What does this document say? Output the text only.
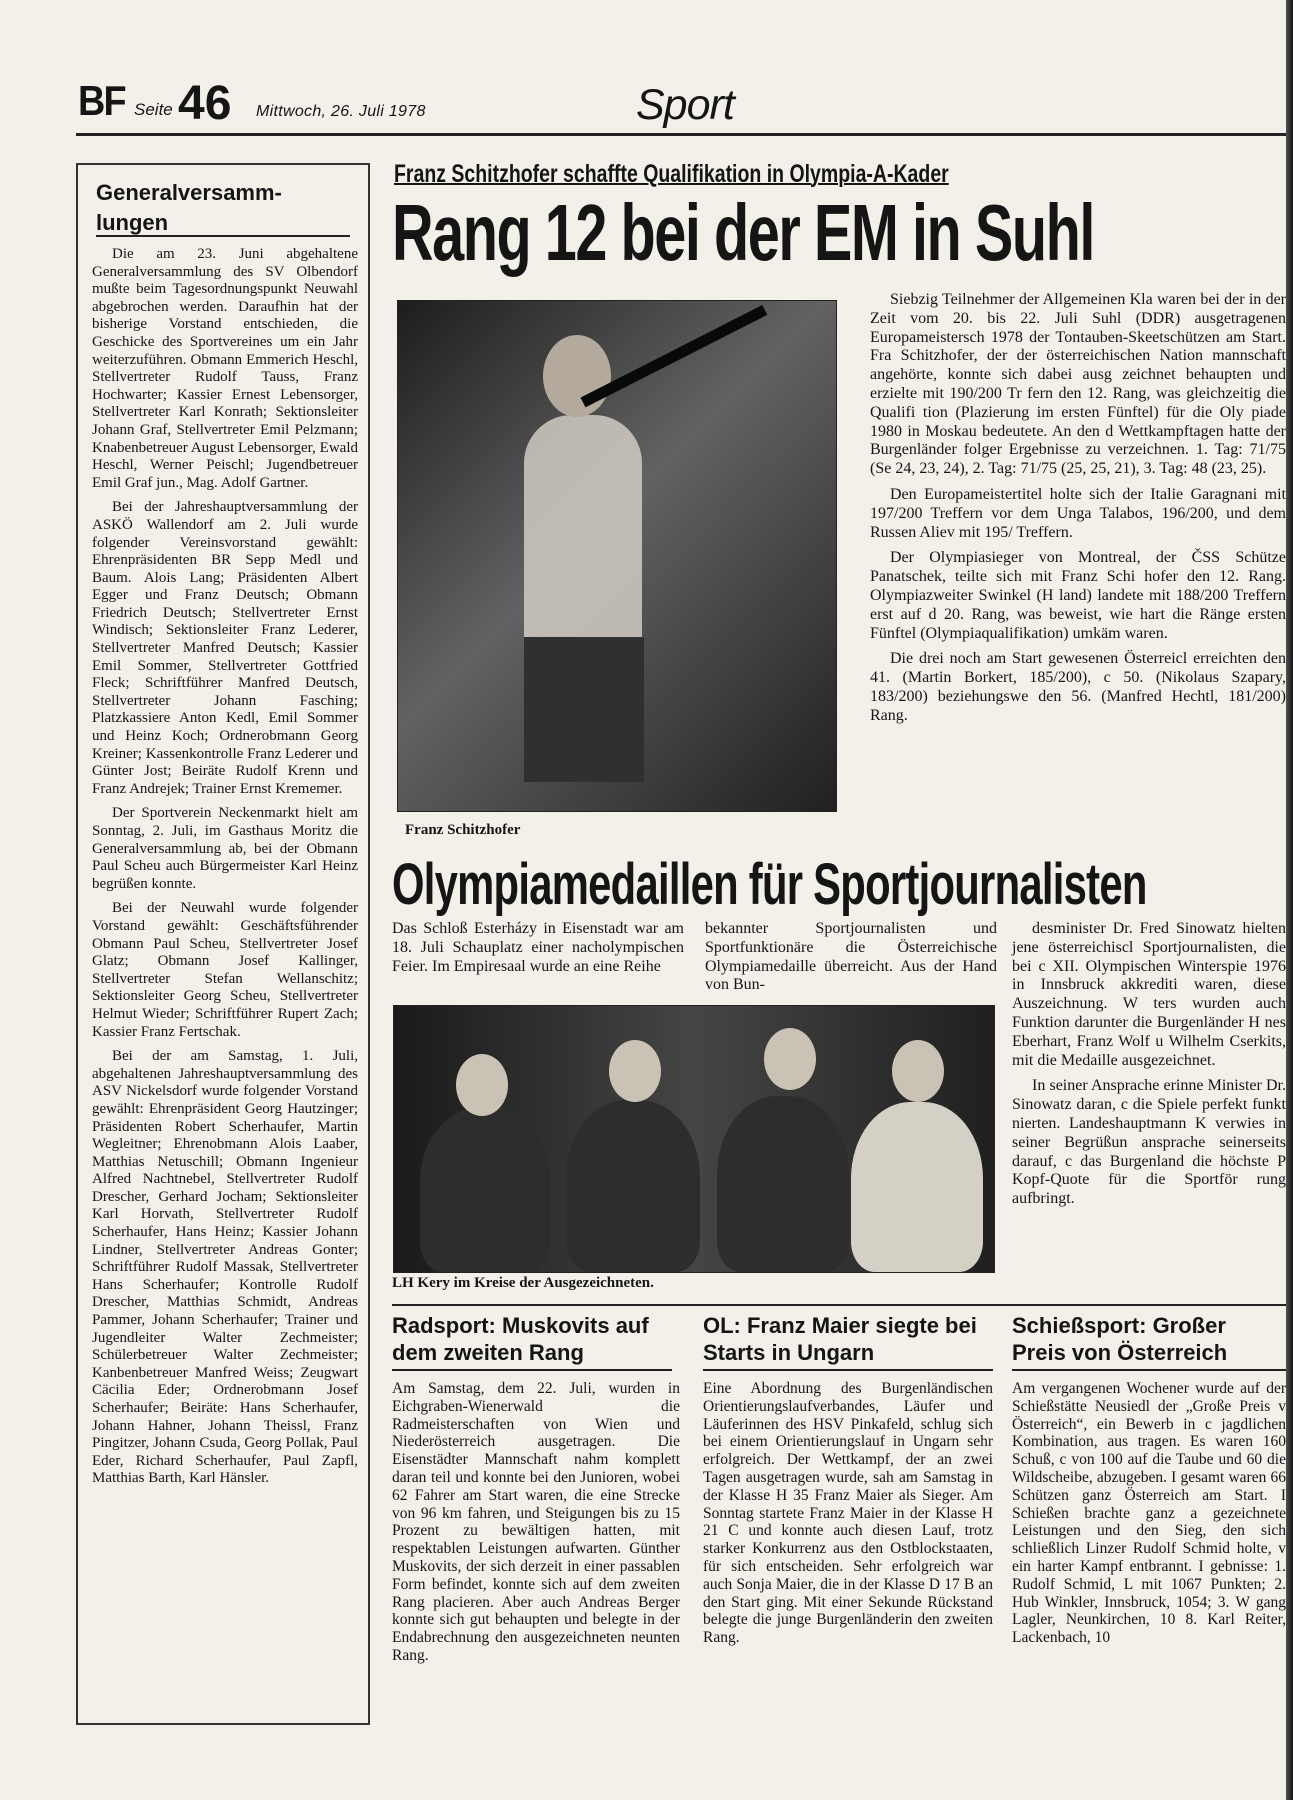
BF Seite 46 Mittwoch, 26. Juli 1978	Sport
Generalversamm-lungen

Die am 23. Juni abgehaltene Generalversammlung des SV Olbendorf mußte beim Tagesordnungspunkt Neuwahl abgebrochen werden. Daraufhin hat der bisherige Vorstand entschieden, die Geschicke des Sportvereines um ein Jahr weiterzuführen. Obmann Emmerich Heschl, Stellvertreter Rudolf Tauss, Franz Hochwarter; Kassier Ernest Lebensorger, Stellvertreter Karl Konrath; Sektionsleiter Johann Graf, Stellvertreter Emil Pelzmann; Knabenbetreuer August Lebensorger, Ewald Heschl, Werner Peischl; Jugendbetreuer Emil Graf jun., Mag. Adolf Gartner.

Bei der Jahreshauptversammlung der ASKÖ Wallendorf am 2. Juli wurde folgender Vereinsvorstand gewählt: Ehrenpräsidenten BR Sepp Medl und Baum. Alois Lang; Präsidenten Albert Egger und Franz Deutsch; Obmann Friedrich Deutsch; Stellvertreter Ernst Windisch; Sektionsleiter Franz Lederer, Stellvertreter Manfred Deutsch; Kassier Emil Sommer, Stellvertreter Gottfried Fleck; Schriftführer Manfred Deutsch, Stellvertreter Johann Fasching; Platzkassiere Anton Kedl, Emil Sommer und Heinz Koch; Ordnerobmann Georg Kreiner; Kassenkontrolle Franz Lederer und Günter Jost; Beiräte Rudolf Krenn und Franz Andrejek; Trainer Ernst Krememer.

Der Sportverein Neckenmarkt hielt am Sonntag, 2. Juli, im Gasthaus Moritz die Generalversammlung ab, bei der Obmann Paul Scheu auch Bürgermeister Karl Heinz begrüßen konnte.

Bei der Neuwahl wurde folgender Vorstand gewählt: Geschäftsführender Obmann Paul Scheu, Stellvertreter Josef Glatz; Obmann Josef Kallinger, Stellvertreter Stefan Wellanschitz; Sektionsleiter Georg Scheu, Stellvertreter Helmut Wieder; Schriftführer Rupert Zach; Kassier Franz Fertschak.

Bei der am Samstag, 1. Juli, abgehaltenen Jahreshauptversammlung des ASV Nickelsdorf wurde folgender Vorstand gewählt: Ehrenpräsident Georg Hautzinger; Präsidenten Robert Scherhaufer, Martin Wegleitner; Ehrenobmann Alois Laaber, Matthias Netuschill; Obmann Ingenieur Alfred Nachtnebel, Stellvertreter Rudolf Drescher, Gerhard Jocham; Sektionsleiter Karl Horvath, Stellvertreter Rudolf Scherhaufer, Hans Heinz; Kassier Johann Lindner, Stellvertreter Andreas Gonter; Schriftführer Rudolf Massak, Stellvertreter Hans Scherhaufer; Kontrolle Rudolf Drescher, Matthias Schmidt, Andreas Pammer, Johann Scherhaufer; Trainer und Jugendleiter Walter Zechmeister; Schülerbetreuer Walter Zechmeister; Kanbenbetreuer Manfred Weiss; Zeugwart Cäcilia Eder; Ordnerobmann Josef Scherhaufer; Beiräte: Hans Scherhaufer, Johann Hahner, Johann Theissl, Franz Pingitzer, Johann Csuda, Georg Pollak, Paul Eder, Richard Scherhaufer, Paul Zapfl, Matthias Barth, Karl Hänsler.

Franz Schitzhofer schaffte Qualifikation in Olympia-A-Kader
Rang 12 bei der EM in Suhl
Franz Schitzhofer

Siebzig Teilnehmer der Allgemeinen Kla waren bei der in der Zeit vom 20. bis 22. Juli Suhl (DDR) ausgetragenen Europameistersch 1978 der Tontauben-Skeetschützen am Start. Fra Schitzhofer, der der österreichischen Nation mannschaft angehörte, konnte sich dabei ausg zeichnet behaupten und erzielte mit 190/200 Tr fern den 12. Rang, was gleichzeitig die Qualifi tion (Plazierung im ersten Fünftel) für die Oly piade 1980 in Moskau bedeutete. An den d Wettkampftagen hatte der Burgenländer folger Ergebnisse zu verzeichnen. 1. Tag: 71/75 (Se 24, 23, 24), 2. Tag: 71/75 (25, 25, 21), 3. Tag: 48 (23, 25).

Den Europameistertitel holte sich der Italie Garagnani mit 197/200 Treffern vor dem Unga Talabos, 196/200, und dem Russen Aliev mit 195/ Treffern.

Der Olympiasieger von Montreal, der ČSS Schütze Panatschek, teilte sich mit Franz Schi hofer den 12. Rang. Olympiazweiter Swinkel (H land) landete mit 188/200 Treffern erst auf d 20. Rang, was beweist, wie hart die Ränge ersten Fünftel (Olympiaqualifikation) umkäm waren.

Die drei noch am Start gewesenen Österreicl erreichten den 41. (Martin Borkert, 185/200), c 50. (Nikolaus Szapary, 183/200) beziehungswe den 56. (Manfred Hechtl, 181/200) Rang.

Olympiamedaillen für Sportjournalisten
Das Schloß Esterházy in Eisenstadt war am 18. Juli Schauplatz einer nacholympischen Feier. Im Empiresaal wurde an eine Reihe
bekannter Sportjournalisten und Sportfunktionäre die Österreichische Olympiamedaille überreicht. Aus der Hand von Bun-

desminister Dr. Fred Sinowatz hielten jene österreichiscl Sportjournalisten, die bei c XII. Olympischen Winterspie 1976 in Innsbruck akkrediti waren, diese Auszeichnung. W ters wurden auch Funktion darunter die Burgenländer H nes Eberhart, Franz Wolf u Wilhelm Cserkits, mit die Medaille ausgezeichnet.

In seiner Ansprache erinne Minister Dr. Sinowatz daran, c die Spiele perfekt funkt nierten. Landeshauptmann K verwies in seiner Begrüßun ansprache seinerseits darauf, c das Burgenland die höchste P Kopf-Quote für die Sportför rung aufbringt.

LH Kery im Kreise der Ausgezeichneten.
Radsport: Muskovits auf dem zweiten Rang
OL: Franz Maier siegte bei Starts in Ungarn
Schießsport: Großer Preis von Österreich
Am Samstag, dem 22. Juli, wurden in Eichgraben-Wienerwald die Radmeisterschaften von Wien und Niederösterreich ausgetragen. Die Eisenstädter Mannschaft nahm komplett daran teil und konnte bei den Junioren, wobei 62 Fahrer am Start waren, die eine Strecke von 96 km fahren, und Steigungen bis zu 15 Prozent zu bewältigen hatten, mit respektablen Leistungen aufwarten. Günther Muskovits, der sich derzeit in einer passablen Form befindet, konnte sich auf dem zweiten Rang placieren. Aber auch Andreas Berger konnte sich gut behaupten und belegte in der Endabrechnung den ausgezeichneten neunten Rang.
Eine Abordnung des Burgenländischen Orientierungslaufverbandes, Läufer und Läuferinnen des HSV Pinkafeld, schlug sich bei einem Orientierungslauf in Ungarn sehr erfolgreich. Der Wettkampf, der an zwei Tagen ausgetragen wurde, sah am Samstag in der Klasse H 35 Franz Maier als Sieger. Am Sonntag startete Franz Maier in der Klasse H 21 C und konnte auch diesen Lauf, trotz starker Konkurrenz aus den Ostblockstaaten, für sich entscheiden. Sehr erfolgreich war auch Sonja Maier, die in der Klasse D 17 B an den Start ging. Mit einer Sekunde Rückstand belegte die junge Burgenländerin den zweiten Rang.
Am vergangenen Wochener wurde auf der Schießstätte Neusiedl der „Große Preis v Österreich“, ein Bewerb in c jagdlichen Kombination, aus tragen. Es waren 160 Schuß, c von 100 auf die Taube und 60 die Wildscheibe, abzugeben. I gesamt waren 66 Schützen ganz Österreich am Start. I Schießen brachte ganz a gezeichnete Leistungen und den Sieg, den sich schließlich Linzer Rudolf Schmid holte, v ein harter Kampf entbrannt. I gebnisse: 1. Rudolf Schmid, L mit 1067 Punkten; 2. Hub Winkler, Innsbruck, 1054; 3. W gang Lagler, Neunkirchen, 10 8. Karl Reiter, Lackenbach, 10
